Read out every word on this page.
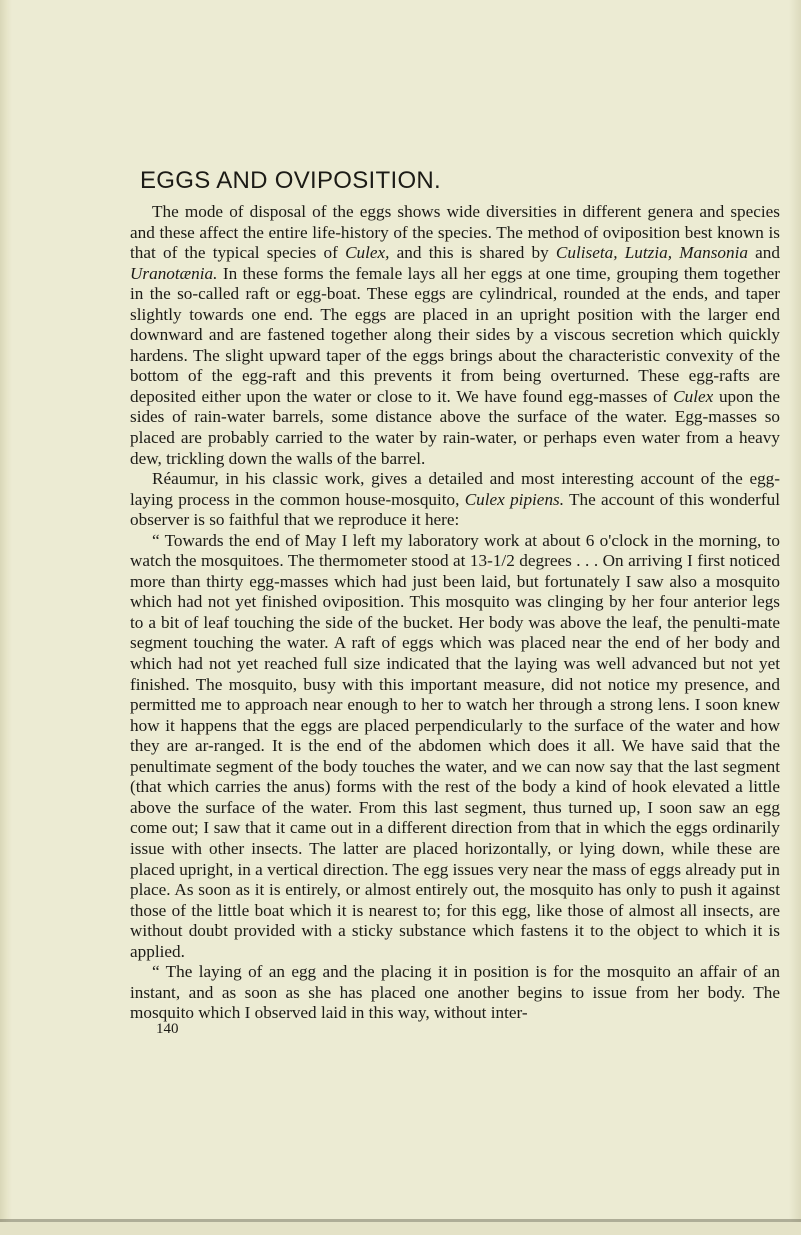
EGGS AND OVIPOSITION.

The mode of disposal of the eggs shows wide diversities in different genera and species and these affect the entire life-history of the species. The method of oviposition best known is that of the typical species of Culex, and this is shared by Culiseta, Lutzia, Mansonia and Uranotænia. In these forms the female lays all her eggs at one time, grouping them together in the so-called raft or egg-boat. These eggs are cylindrical, rounded at the ends, and taper slightly towards one end. The eggs are placed in an upright position with the larger end downward and are fastened together along their sides by a viscous secretion which quickly hardens. The slight upward taper of the eggs brings about the characteristic convexity of the bottom of the egg-raft and this prevents it from being overturned. These egg-rafts are deposited either upon the water or close to it. We have found egg-masses of Culex upon the sides of rain-water barrels, some distance above the surface of the water. Egg-masses so placed are probably carried to the water by rain-water, or perhaps even water from a heavy dew, trickling down the walls of the barrel.

Réaumur, in his classic work, gives a detailed and most interesting account of the egg-laying process in the common house-mosquito, Culex pipiens. The account of this wonderful observer is so faithful that we reproduce it here:

“ Towards the end of May I left my laboratory work at about 6 o'clock in the morning, to watch the mosquitoes. The thermometer stood at 13-1/2 degrees . . . On arriving I first noticed more than thirty egg-masses which had just been laid, but fortunately I saw also a mosquito which had not yet finished oviposition. This mosquito was clinging by her four anterior legs to a bit of leaf touching the side of the bucket. Her body was above the leaf, the penulti-mate segment touching the water. A raft of eggs which was placed near the end of her body and which had not yet reached full size indicated that the laying was well advanced but not yet finished. The mosquito, busy with this important measure, did not notice my presence, and permitted me to approach near enough to her to watch her through a strong lens. I soon knew how it happens that the eggs are placed perpendicularly to the surface of the water and how they are ar-ranged. It is the end of the abdomen which does it all. We have said that the penultimate segment of the body touches the water, and we can now say that the last segment (that which carries the anus) forms with the rest of the body a kind of hook elevated a little above the surface of the water. From this last segment, thus turned up, I soon saw an egg come out; I saw that it came out in a different direction from that in which the eggs ordinarily issue with other insects. The latter are placed horizontally, or lying down, while these are placed upright, in a vertical direction. The egg issues very near the mass of eggs already put in place. As soon as it is entirely, or almost entirely out, the mosquito has only to push it against those of the little boat which it is nearest to; for this egg, like those of almost all insects, are without doubt provided with a sticky substance which fastens it to the object to which it is applied.

“ The laying of an egg and the placing it in position is for the mosquito an affair of an instant, and as soon as she has placed one another begins to issue from her body. The mosquito which I observed laid in this way, without inter-

140
